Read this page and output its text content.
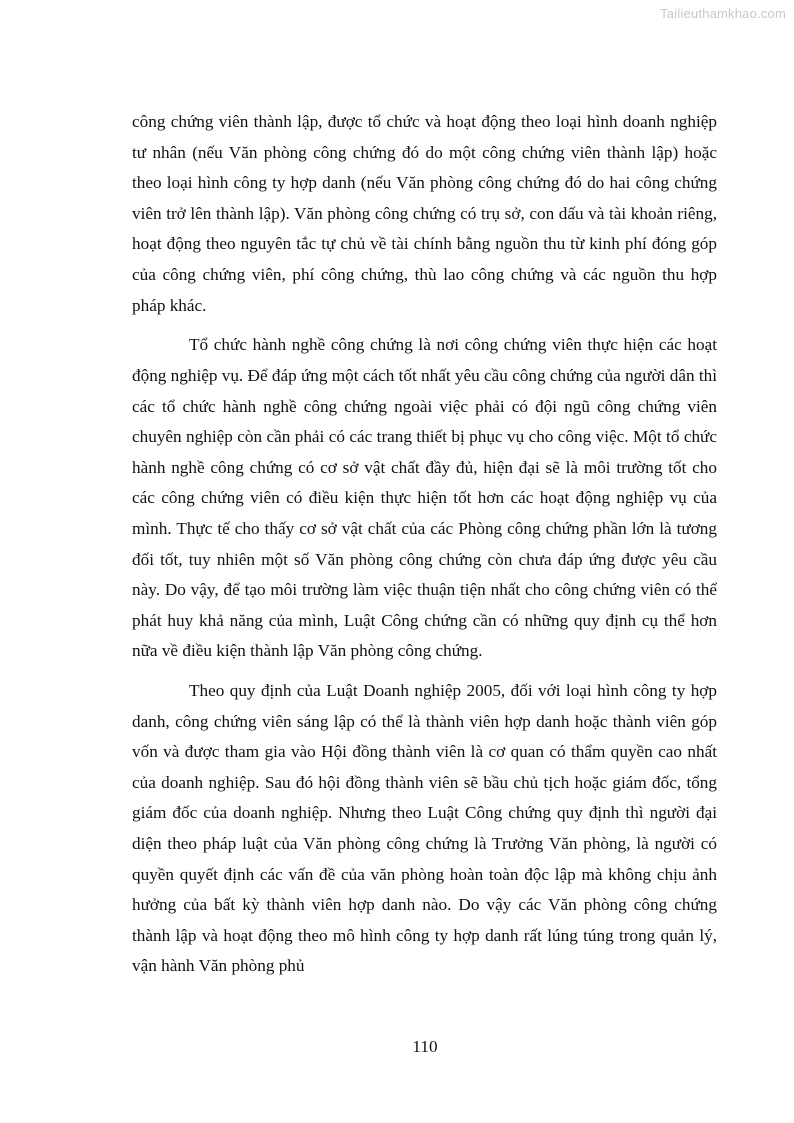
Tailieuthamkhao.com

công chứng viên thành lập, được tổ chức và hoạt động theo loại hình doanh nghiệp tư nhân (nếu Văn phòng công chứng đó do một công chứng viên thành lập) hoặc theo loại hình công ty hợp danh (nếu Văn phòng công chứng đó do hai công chứng viên trở lên thành lập). Văn phòng công chứng có trụ sở, con dấu và tài khoản riêng, hoạt động theo nguyên tắc tự chủ về tài chính bằng nguồn thu từ kinh phí đóng góp của công chứng viên, phí công chứng, thù lao công chứng và các nguồn thu hợp pháp khác.

Tổ chức hành nghề công chứng là nơi công chứng viên thực hiện các hoạt động nghiệp vụ. Để đáp ứng một cách tốt nhất yêu cầu công chứng của người dân thì các tổ chức hành nghề công chứng ngoài việc phải có đội ngũ công chứng viên chuyên nghiệp còn cần phải có các trang thiết bị phục vụ cho công việc. Một tổ chức hành nghề công chứng có cơ sở vật chất đầy đủ, hiện đại sẽ là môi trường tốt cho các công chứng viên có điều kiện thực hiện tốt hơn các hoạt động nghiệp vụ của mình. Thực tế cho thấy cơ sở vật chất của các Phòng công chứng phần lớn là tương đối tốt, tuy nhiên một số Văn phòng công chứng còn chưa đáp ứng được yêu cầu này. Do vậy, để tạo môi trường làm việc thuận tiện nhất cho công chứng viên có thể phát huy khả năng của mình, Luật Công chứng cần có những quy định cụ thể hơn nữa về điều kiện thành lập Văn phòng công chứng.

Theo quy định của Luật Doanh nghiệp 2005, đối với loại hình công ty hợp danh, công chứng viên sáng lập có thể là thành viên hợp danh hoặc thành viên góp vốn và được tham gia vào Hội đồng thành viên là cơ quan có thẩm quyền cao nhất của doanh nghiệp. Sau đó hội đồng thành viên sẽ bầu chủ tịch hoặc giám đốc, tổng giám đốc của doanh nghiệp. Nhưng theo Luật Công chứng quy định thì người đại diện theo pháp luật của Văn phòng công chứng là Trưởng Văn phòng, là người có quyền quyết định các vấn đề của văn phòng hoàn toàn độc lập mà không chịu ảnh hưởng của bất kỳ thành viên hợp danh nào. Do vậy các Văn phòng công chứng thành lập và hoạt động theo mô hình công ty hợp danh rất lúng túng trong quản lý, vận hành Văn phòng phủ

110
